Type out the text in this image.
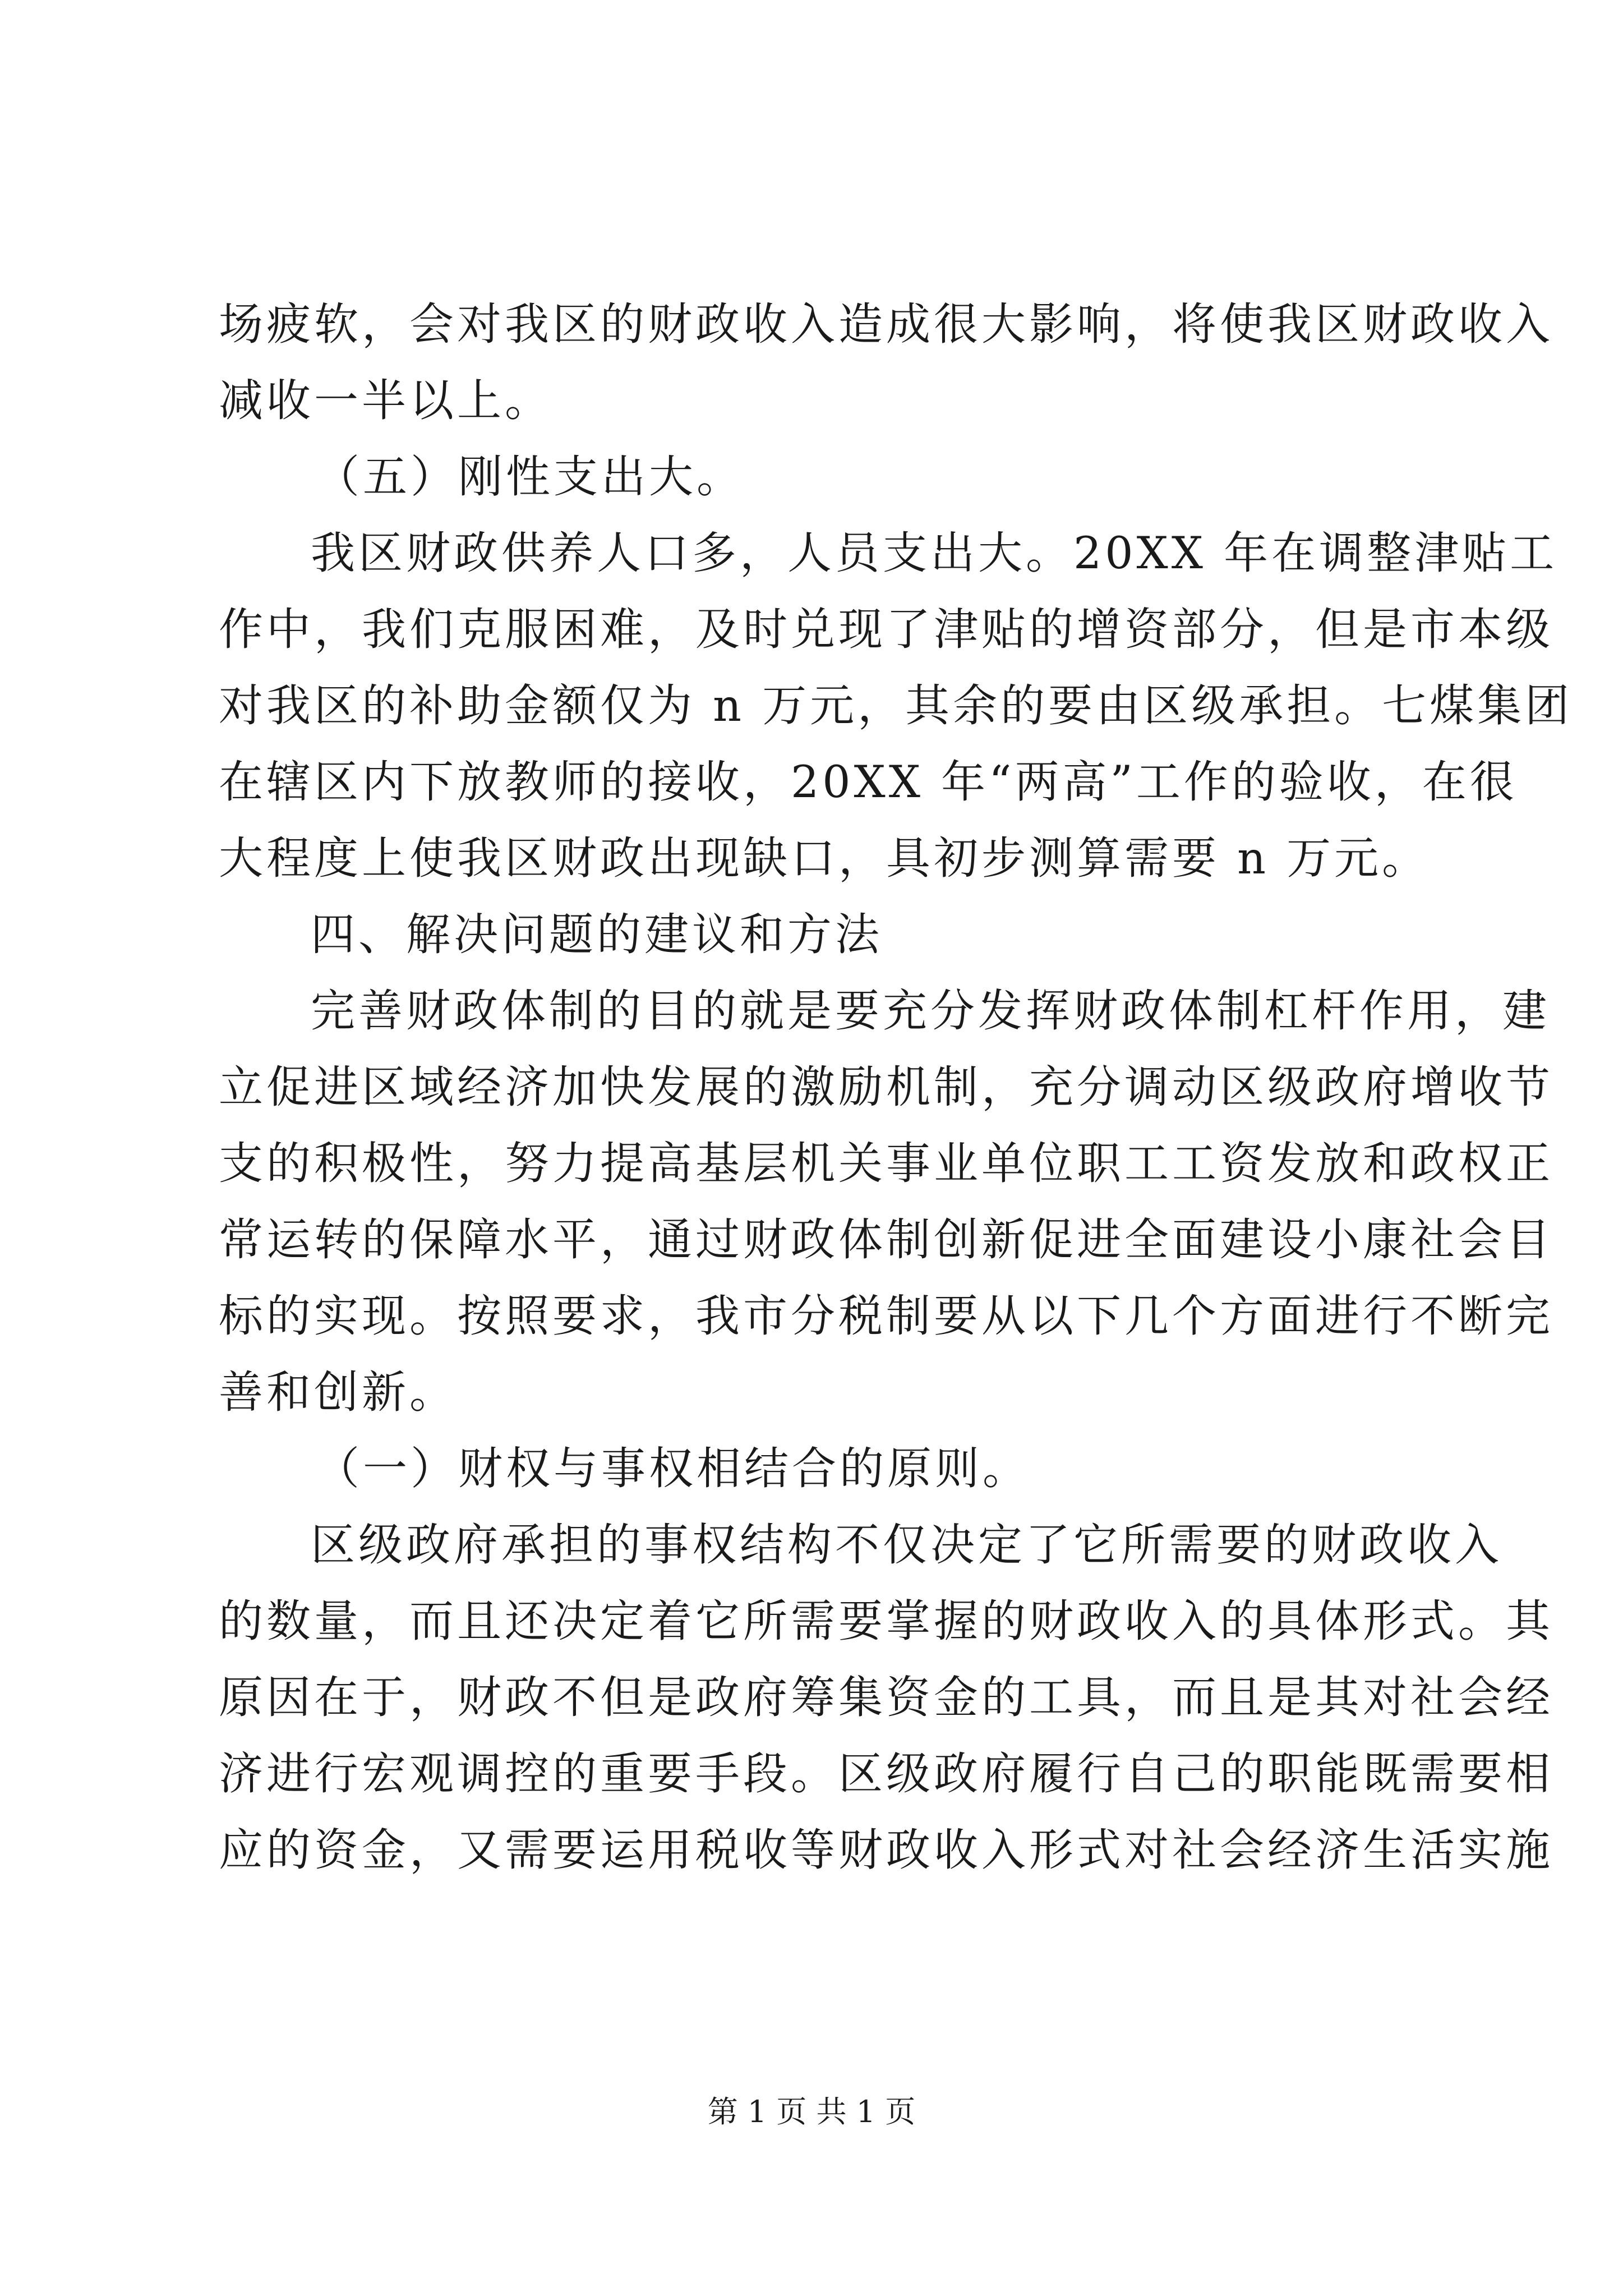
场疲软，会对我区的财政收入造成很大影响，将使我区财政收入
减收一半以上。
（五）刚性支出大。
我区财政供养人口多，人员支出大。20XX 年在调整津贴工
作中，我们克服困难，及时兑现了津贴的增资部分，但是市本级
对我区的补助金额仅为 n 万元，其余的要由区级承担。七煤集团
在辖区内下放教师的接收，20XX 年“两高”工作的验收，在很
大程度上使我区财政出现缺口，具初步测算需要 n 万元。
四、解决问题的建议和方法
完善财政体制的目的就是要充分发挥财政体制杠杆作用，建
立促进区域经济加快发展的激励机制，充分调动区级政府增收节
支的积极性，努力提高基层机关事业单位职工工资发放和政权正
常运转的保障水平，通过财政体制创新促进全面建设小康社会目
标的实现。按照要求，我市分税制要从以下几个方面进行不断完
善和创新。
（一）财权与事权相结合的原则。
区级政府承担的事权结构不仅决定了它所需要的财政收入
的数量，而且还决定着它所需要掌握的财政收入的具体形式。其
原因在于，财政不但是政府筹集资金的工具，而且是其对社会经
济进行宏观调控的重要手段。区级政府履行自己的职能既需要相
应的资金，又需要运用税收等财政收入形式对社会经济生活实施
第 1 页 共 1 页
